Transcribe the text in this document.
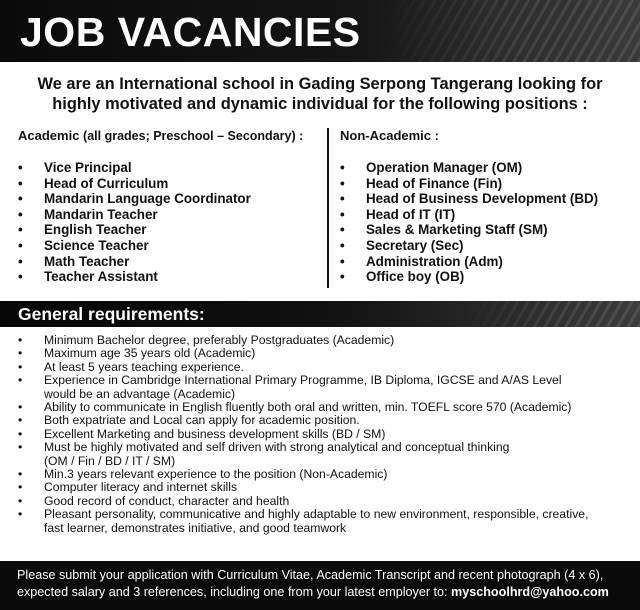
JOB VACANCIES
We are an International school in Gading Serpong Tangerang looking for
highly motivated and dynamic individual for the following positions :
Academic (all grades; Preschool – Secondary) :
• Vice Principal
• Head of Curriculum
• Mandarin Language Coordinator
• Mandarin Teacher
• English Teacher
• Science Teacher
• Math Teacher
• Teacher Assistant
Non-Academic :
• Operation Manager (OM)
• Head of Finance (Fin)
• Head of Business Development (BD)
• Head of IT (IT)
• Sales & Marketing Staff (SM)
• Secretary (Sec)
• Administration (Adm)
• Office boy (OB)
General requirements:
• Minimum Bachelor degree, preferably Postgraduates (Academic)
• Maximum age 35 years old (Academic)
• At least 5 years teaching experience.
• Experience in Cambridge International Primary Programme, IB Diploma, IGCSE and A/AS Level
would be an advantage (Academic)
• Ability to communicate in English fluently both oral and written, min. TOEFL score 570 (Academic)
• Both expatriate and Local can apply for academic position.
• Excellent Marketing and business development skills (BD / SM)
• Must be highly motivated and self driven with strong analytical and conceptual thinking
(OM / Fin / BD / IT / SM)
• Min.3 years relevant experience to the position (Non-Academic)
• Computer literacy and internet skills
• Good record of conduct, character and health
• Pleasant personality, communicative and highly adaptable to new environment, responsible, creative,
fast learner, demonstrates initiative, and good teamwork
Please submit your application with Curriculum Vitae, Academic Transcript and recent photograph (4 x 6),
expected salary and 3 references, including one from your latest employer to: myschoolhrd@yahoo.com
